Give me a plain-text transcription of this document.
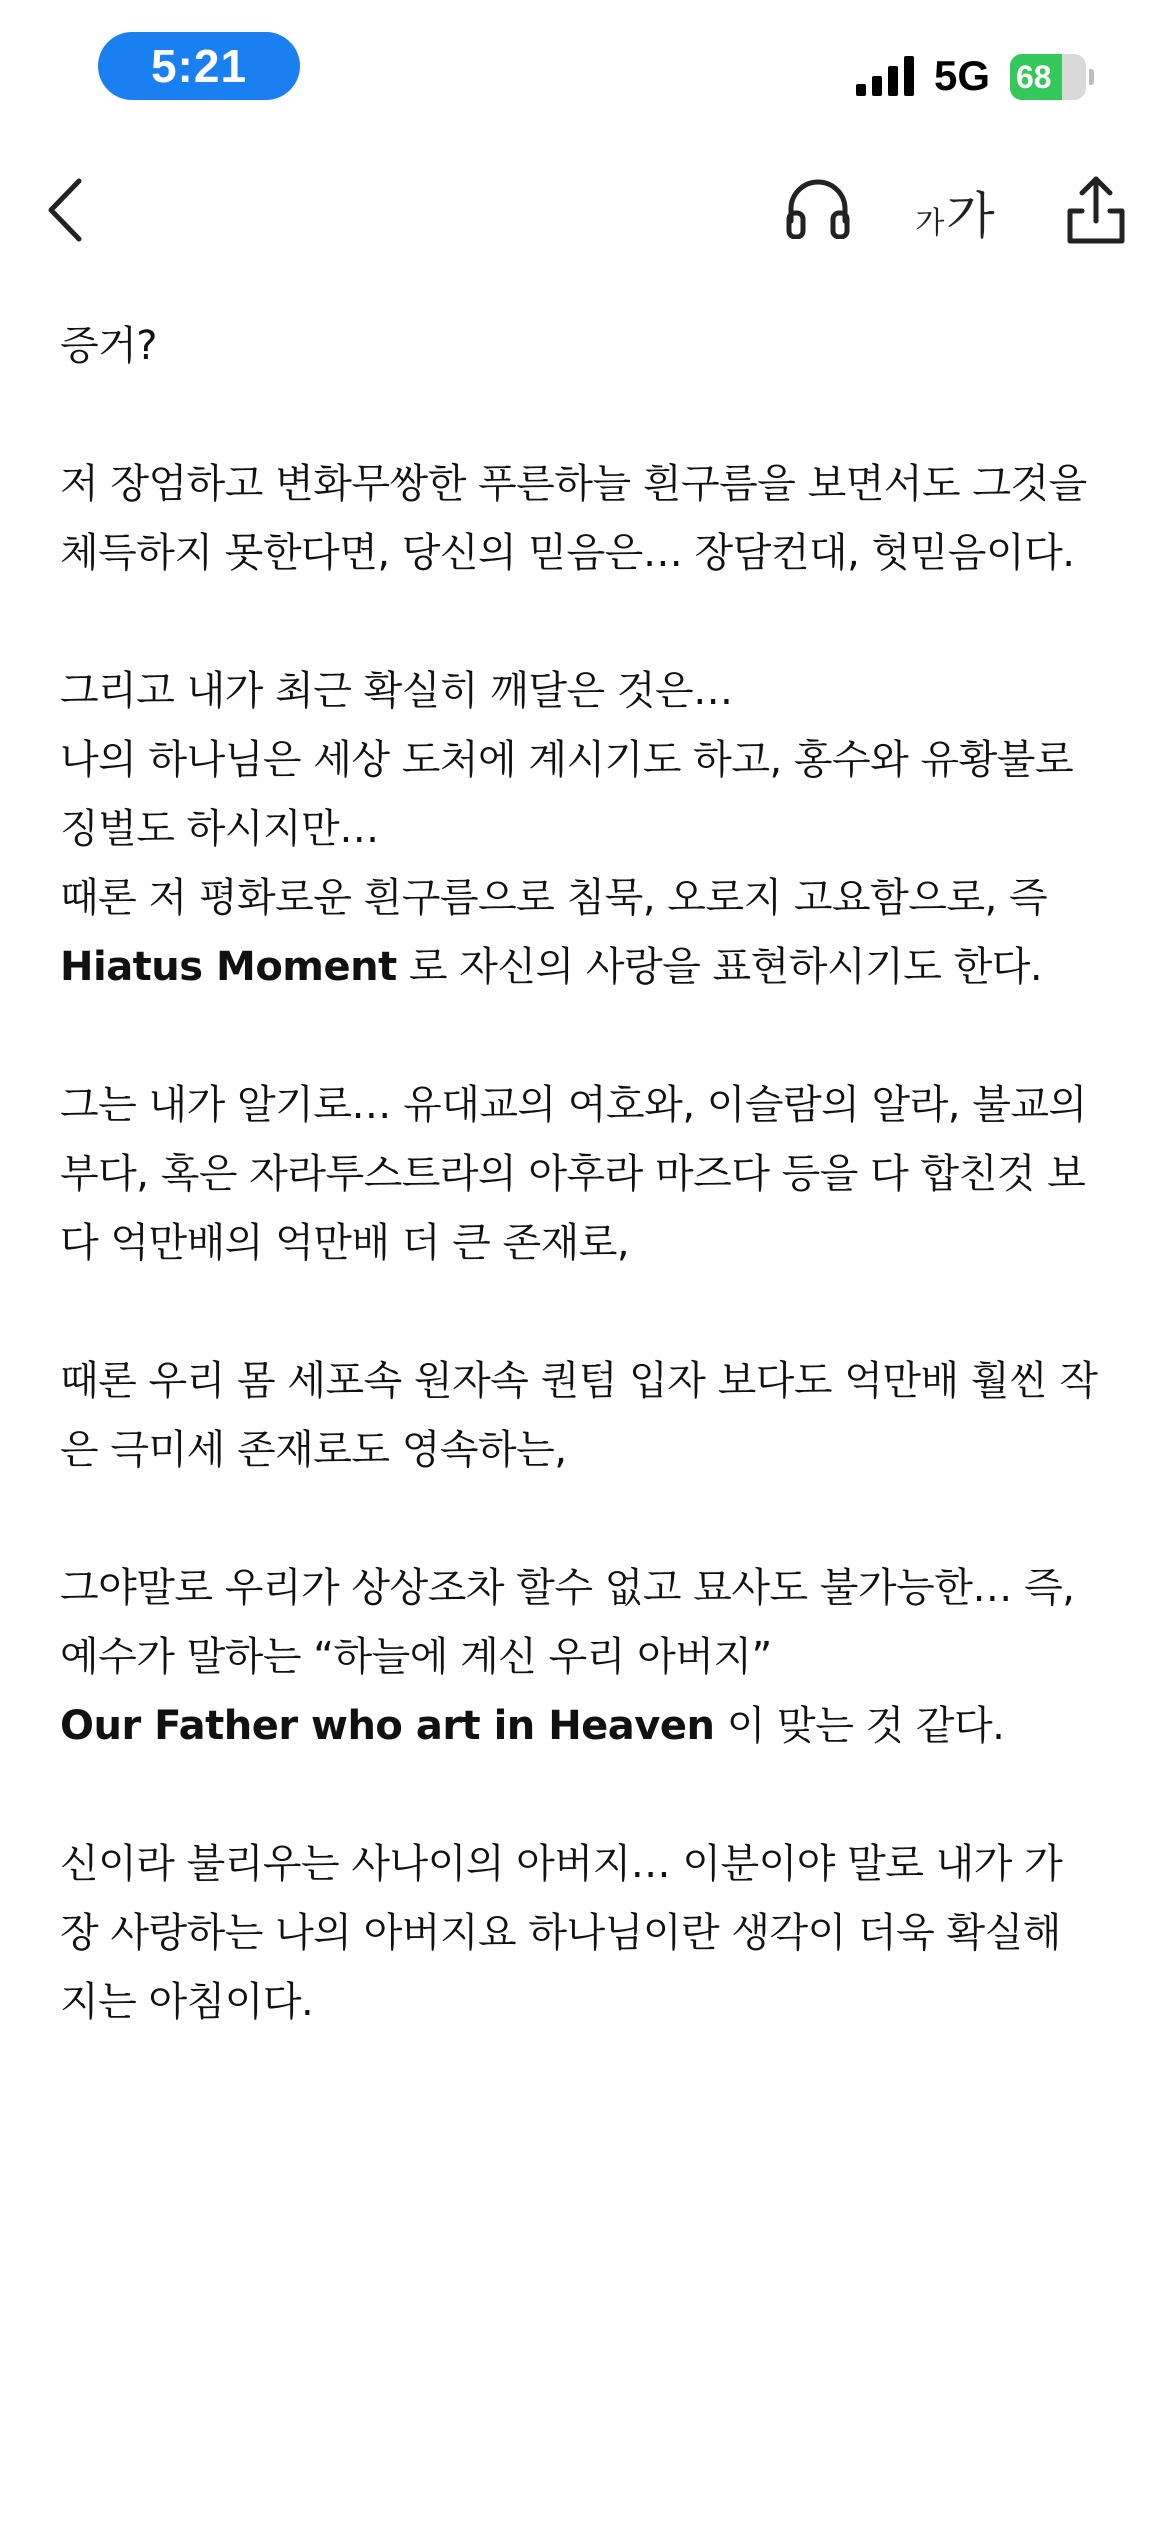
5:21	5G 68
가 가
증거?
저 장엄하고 변화무쌍한 푸른하늘 흰구름을 보면서도 그것을
체득하지 못한다면, 당신의 믿음은… 장담컨대, 헛믿음이다.
그리고 내가 최근 확실히 깨달은 것은…
나의 하나님은 세상 도처에 계시기도 하고, 홍수와 유황불로
징벌도 하시지만…
때론 저 평화로운 흰구름으로 침묵, 오로지 고요함으로, 즉
Hiatus Moment 로 자신의 사랑을 표현하시기도 한다.
그는 내가 알기로… 유대교의 여호와, 이슬람의 알라, 불교의
부다, 혹은 자라투스트라의 아후라 마즈다 등을 다 합친것 보
다 억만배의 억만배 더 큰 존재로,
때론 우리 몸 세포속 원자속 퀀텀 입자 보다도 억만배 훨씬 작
은 극미세 존재로도 영속하는,
그야말로 우리가 상상조차 할수 없고 묘사도 불가능한… 즉,
예수가 말하는 “하늘에 계신 우리 아버지”
Our Father who art in Heaven 이 맞는 것 같다.
신이라 불리우는 사나이의 아버지… 이분이야 말로 내가 가
장 사랑하는 나의 아버지요 하나님이란 생각이 더욱 확실해
지는 아침이다.
